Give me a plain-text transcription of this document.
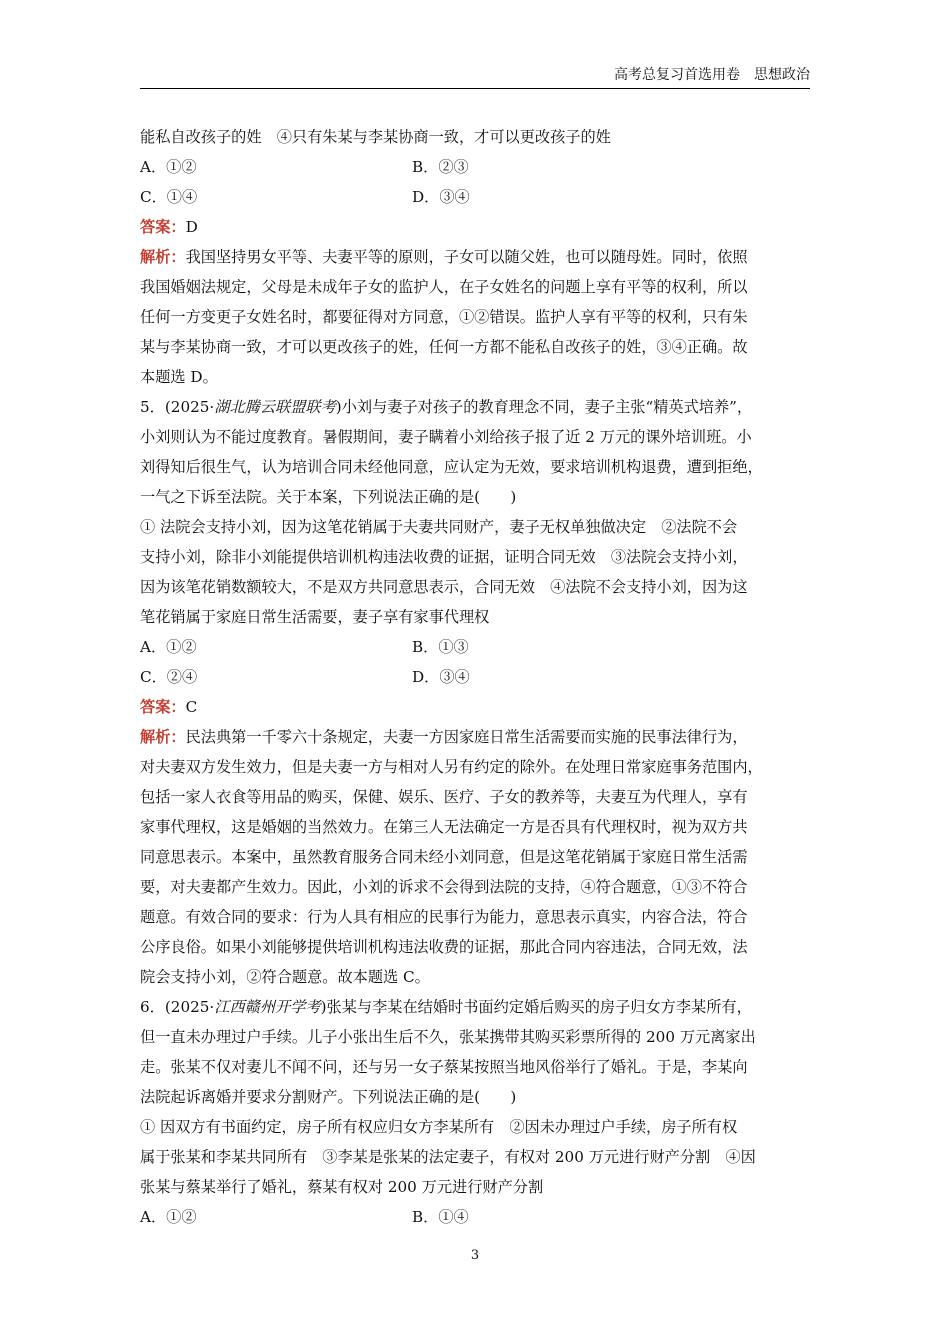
高考总复习首选用卷　思想政治
能私自改孩子的姓　④只有朱某与李某协商一致，才可以更改孩子的姓
A．①②	B．②③
C．①④	D．③④
答案：D
解析：我国坚持男女平等、夫妻平等的原则，子女可以随父姓，也可以随母姓。同时，依照
我国婚姻法规定，父母是未成年子女的监护人，在子女姓名的问题上享有平等的权利，所以
任何一方变更子女姓名时，都要征得对方同意，①②错误。监护人享有平等的权利，只有朱
某与李某协商一致，才可以更改孩子的姓，任何一方都不能私自改孩子的姓，③④正确。故
本题选 D。
5．(2025·湖北腾云联盟联考)小刘与妻子对孩子的教育理念不同，妻子主张“精英式培养”，
小刘则认为不能过度教育。暑假期间，妻子瞒着小刘给孩子报了近 2 万元的课外培训班。小
刘得知后很生气，认为培训合同未经他同意，应认定为无效，要求培训机构退费，遭到拒绝，
一气之下诉至法院。关于本案，下列说法正确的是(　　)
① 法院会支持小刘，因为这笔花销属于夫妻共同财产，妻子无权单独做决定　②法院不会
支持小刘，除非小刘能提供培训机构违法收费的证据，证明合同无效　③法院会支持小刘，
因为该笔花销数额较大，不是双方共同意思表示，合同无效　④法院不会支持小刘，因为这
笔花销属于家庭日常生活需要，妻子享有家事代理权
A．①②	B．①③
C．②④	D．③④
答案：C
解析：民法典第一千零六十条规定，夫妻一方因家庭日常生活需要而实施的民事法律行为，
对夫妻双方发生效力，但是夫妻一方与相对人另有约定的除外。在处理日常家庭事务范围内，
包括一家人衣食等用品的购买，保健、娱乐、医疗、子女的教养等，夫妻互为代理人，享有
家事代理权，这是婚姻的当然效力。在第三人无法确定一方是否具有代理权时，视为双方共
同意思表示。本案中，虽然教育服务合同未经小刘同意，但是这笔花销属于家庭日常生活需
要，对夫妻都产生效力。因此，小刘的诉求不会得到法院的支持，④符合题意，①③不符合
题意。有效合同的要求：行为人具有相应的民事行为能力，意思表示真实，内容合法，符合
公序良俗。如果小刘能够提供培训机构违法收费的证据，那此合同内容违法，合同无效，法
院会支持小刘，②符合题意。故本题选 C。
6．(2025·江西赣州开学考)张某与李某在结婚时书面约定婚后购买的房子归女方李某所有，
但一直未办理过户手续。儿子小张出生后不久，张某携带其购买彩票所得的 200 万元离家出
走。张某不仅对妻儿不闻不问，还与另一女子蔡某按照当地风俗举行了婚礼。于是，李某向
法院起诉离婚并要求分割财产。下列说法正确的是(　　)
① 因双方有书面约定，房子所有权应归女方李某所有　②因未办理过户手续，房子所有权
属于张某和李某共同所有　③李某是张某的法定妻子，有权对 200 万元进行财产分割　④因
张某与蔡某举行了婚礼，蔡某有权对 200 万元进行财产分割
A．①②	B．①④
3
